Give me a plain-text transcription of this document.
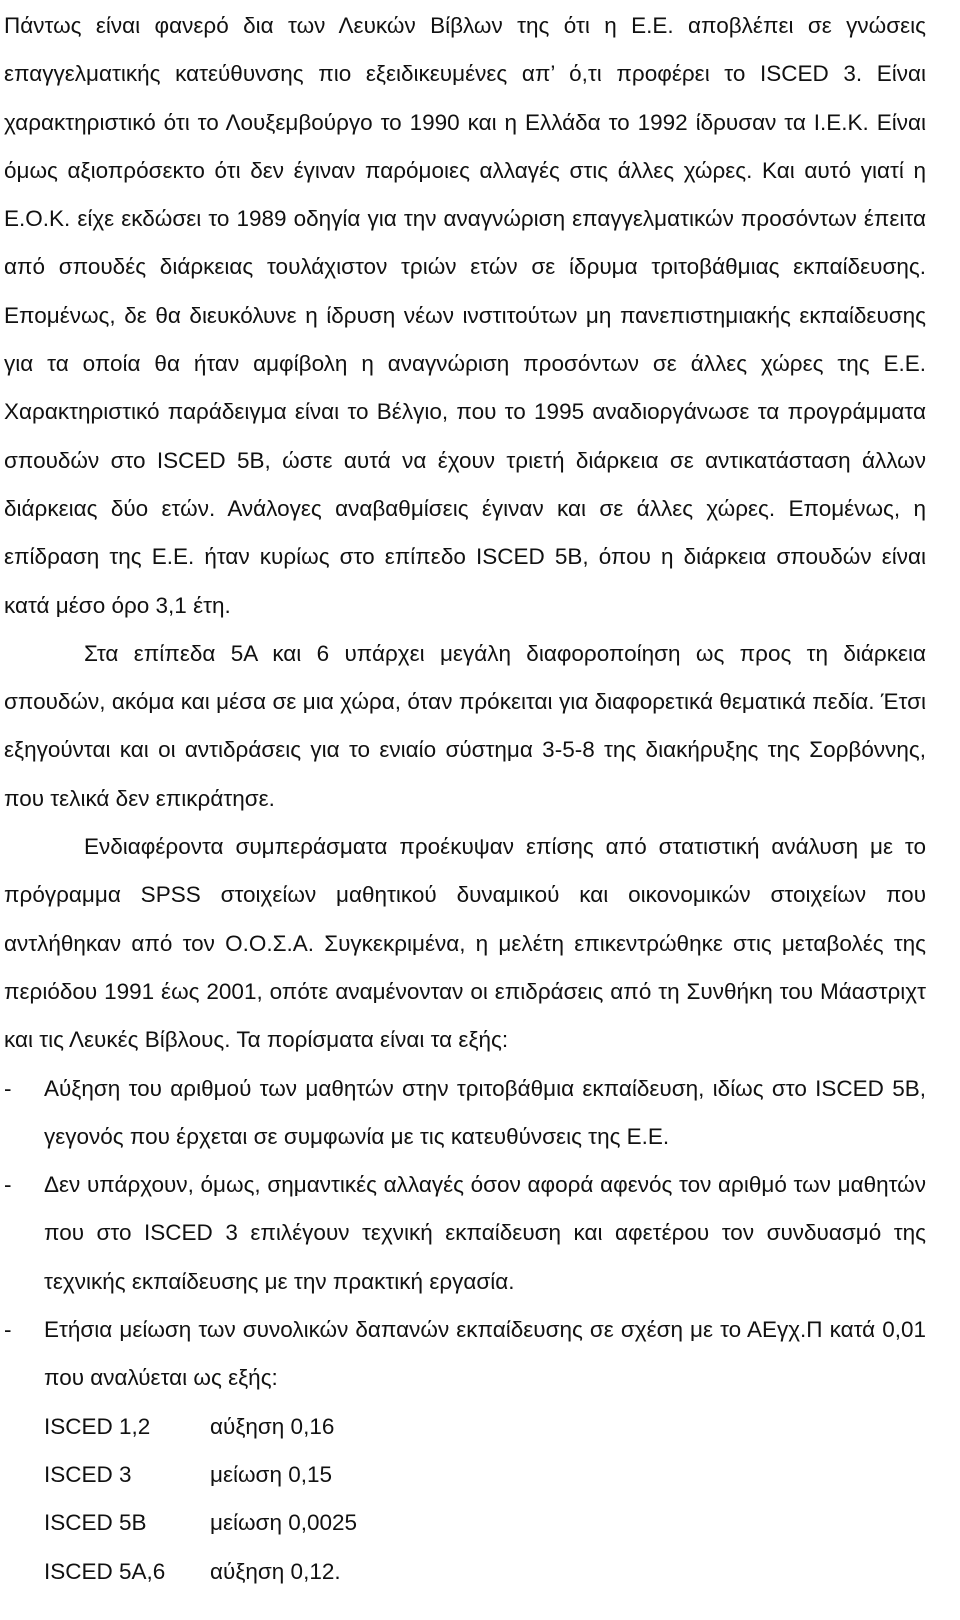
Πάντως είναι φανερό δια των Λευκών Βίβλων της ότι η Ε.Ε. αποβλέπει σε γνώσεις επαγγελματικής κατεύθυνσης πιο εξειδικευμένες απ’ ό,τι προφέρει το ISCED 3. Είναι χαρακτηριστικό ότι το Λουξεμβούργο το 1990 και η Ελλάδα το 1992 ίδρυσαν τα Ι.Ε.Κ. Είναι όμως αξιοπρόσεκτο ότι δεν έγιναν παρόμοιες αλλαγές στις άλλες χώρες. Και αυτό γιατί η Ε.Ο.Κ. είχε εκδώσει το 1989 οδηγία για την αναγνώριση επαγγελματικών προσόντων έπειτα από σπουδές διάρκειας τουλάχιστον τριών ετών σε ίδρυμα τριτοβάθμιας εκπαίδευσης. Επομένως, δε θα διευκόλυνε η ίδρυση νέων ινστιτούτων μη πανεπιστημιακής εκπαίδευσης για τα οποία θα ήταν αμφίβολη η αναγνώριση προσόντων σε άλλες χώρες της Ε.Ε. Χαρακτηριστικό παράδειγμα είναι το Βέλγιο, που το 1995 αναδιοργάνωσε τα προγράμματα σπουδών στο ISCED 5B, ώστε αυτά να έχουν τριετή διάρκεια σε αντικατάσταση άλλων διάρκειας δύο ετών. Ανάλογες αναβαθμίσεις έγιναν και σε άλλες χώρες. Επομένως, η επίδραση της Ε.Ε. ήταν κυρίως στο επίπεδο ISCED 5B, όπου η διάρκεια σπουδών είναι κατά μέσο όρο 3,1 έτη.

Στα επίπεδα 5Α και 6 υπάρχει μεγάλη διαφοροποίηση ως προς τη διάρκεια σπουδών, ακόμα και μέσα σε μια χώρα, όταν πρόκειται για διαφορετικά θεματικά πεδία. Έτσι εξηγούνται και οι αντιδράσεις για το ενιαίο σύστημα 3-5-8 της διακήρυξης της Σορβόννης, που τελικά δεν επικράτησε.

Ενδιαφέροντα συμπεράσματα προέκυψαν επίσης από στατιστική ανάλυση με το πρόγραμμα SPSS στοιχείων μαθητικού δυναμικού και οικονομικών στοιχείων που αντλήθηκαν από τον Ο.Ο.Σ.Α. Συγκεκριμένα, η μελέτη επικεντρώθηκε στις μεταβολές της περιόδου 1991 έως 2001, οπότε αναμένονταν οι επιδράσεις από τη Συνθήκη του Μάαστριχτ και τις Λευκές Βίβλους. Τα πορίσματα είναι τα εξής:

- Αύξηση του αριθμού των μαθητών στην τριτοβάθμια εκπαίδευση, ιδίως στο ISCED 5B, γεγονός που έρχεται σε συμφωνία με τις κατευθύνσεις της Ε.Ε.
- Δεν υπάρχουν, όμως, σημαντικές αλλαγές όσον αφορά αφενός τον αριθμό των μαθητών που στο ISCED 3 επιλέγουν τεχνική εκπαίδευση και αφετέρου τον συνδυασμό της τεχνικής εκπαίδευσης με την πρακτική εργασία.
- Ετήσια μείωση των συνολικών δαπανών εκπαίδευσης σε σχέση με το ΑΕγχ.Π κατά 0,01 που αναλύεται ως εξής:
ISCED 1,2	αύξηση 0,16
ISCED 3	μείωση 0,15
ISCED 5B	μείωση 0,0025
ISCED 5A,6 αύξηση 0,12.
